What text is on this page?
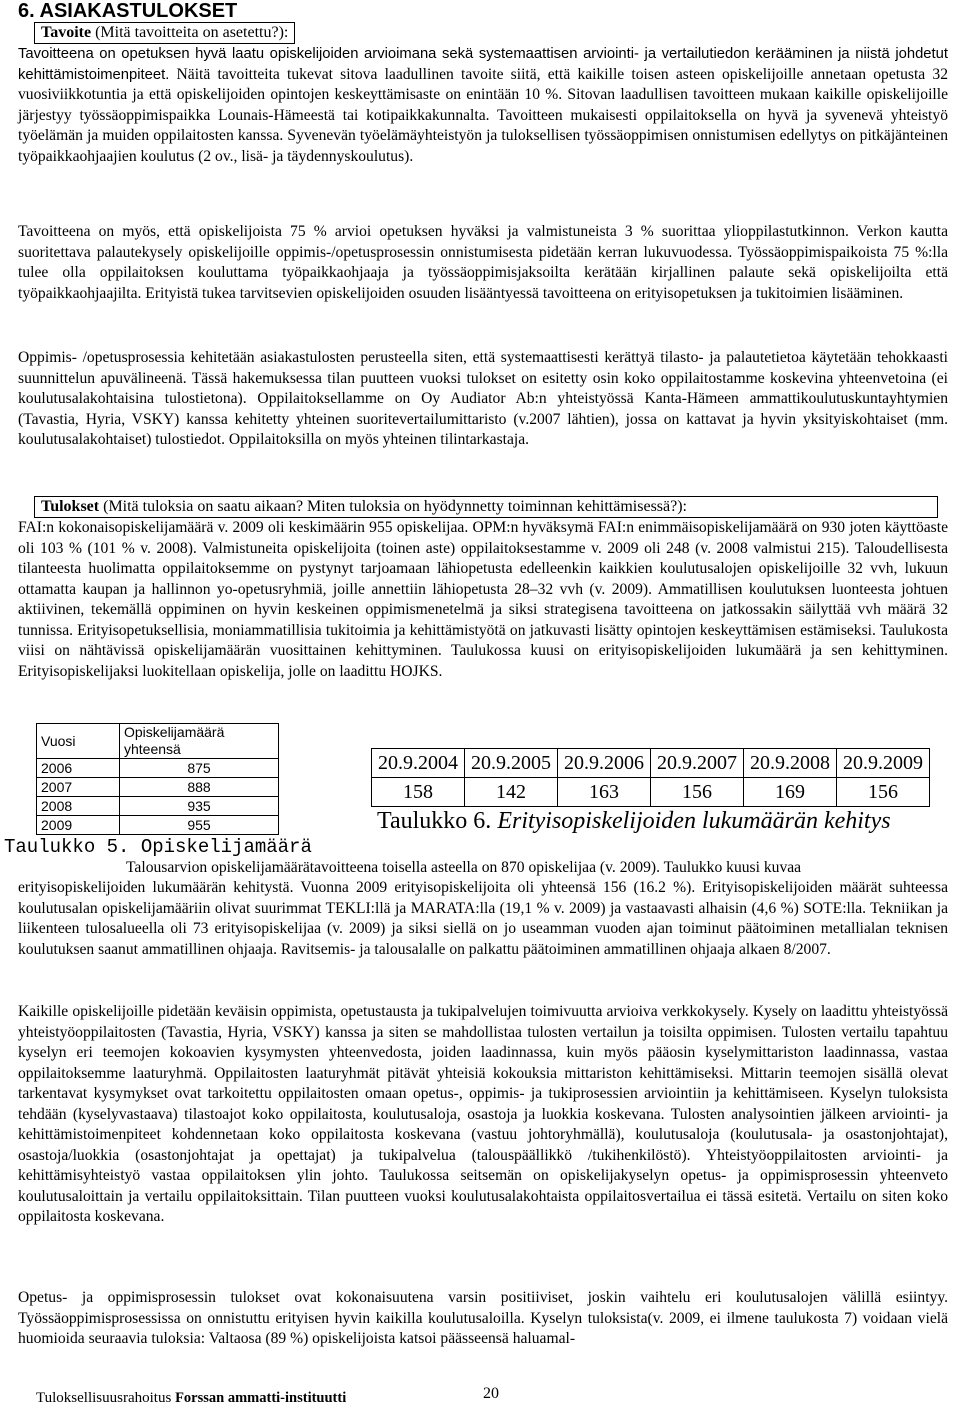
6. ASIAKASTULOKSET
Tavoite (Mitä tavoitteita on asetettu?):

Tavoitteena on opetuksen hyvä laatu opiskelijoiden arvioimana sekä systemaattisen arviointi- ja vertailutiedon kerääminen ja niistä johdetut kehittämistoimenpiteet. Näitä tavoitteita tukevat sitova laadullinen tavoite siitä, että kaikille toisen asteen opiskelijoille annetaan opetusta 32 vuosiviikkotuntia ja että opiskelijoiden opintojen keskeyttämisaste on enintään 10 %. Sitovan laadullisen tavoitteen mukaan kaikille opiskelijoille järjestyy työssäoppimispaikka Lounais-Hämeestä tai kotipaikkakunnalta. Tavoitteen mukaisesti oppilaitoksella on hyvä ja syvenevä yhteistyö työelämän ja muiden oppilaitosten kanssa. Syvenevän työelämäyhteistyön ja tuloksellisen työssäoppimisen onnistumisen edellytys on pitkäjänteinen työpaikkaohjaajien koulutus (2 ov., lisä- ja täydennyskoulutus).

Tavoitteena on myös, että opiskelijoista 75 % arvioi opetuksen hyväksi ja valmistuneista 3 % suorittaa ylioppilastutkinnon. Verkon kautta suoritettava palautekysely opiskelijoille oppimis-/opetusprosessin onnistumisesta pidetään kerran lukuvuodessa. Työssäoppimispaikoista 75 %:lla tulee olla oppilaitoksen kouluttama työpaikkaohjaaja ja työssäoppimisjaksoilta kerätään kirjallinen palaute sekä opiskelijoilta että työpaikkaohjaajilta. Erityistä tukea tarvitsevien opiskelijoiden osuuden lisääntyessä tavoitteena on erityisopetuksen ja tukitoimien lisääminen.

Oppimis- /opetusprosessia kehitetään asiakastulosten perusteella siten, että systemaattisesti kerättyä tilasto- ja palautetietoa käytetään tehokkaasti suunnittelun apuvälineenä. Tässä hakemuksessa tilan puutteen vuoksi tulokset on esitetty osin koko oppilaitostamme koskevina yhteenvetoina (ei koulutusalakohtaisina tulostietona). Oppilaitoksellamme on Oy Audiator Ab:n yhteistyössä Kanta-Hämeen ammattikoulutuskuntayhtymien (Tavastia, Hyria, VSKY) kanssa kehitetty yhteinen suoritevertailumittaristo (v.2007 lähtien), jossa on kattavat ja hyvin yksityiskohtaiset (mm. koulutusalakohtaiset) tulostiedot. Oppilaitoksilla on myös yhteinen tilintarkastaja.

Tulokset (Mitä tuloksia on saatu aikaan? Miten tuloksia on hyödynnetty toiminnan kehittämisessä?):

FAI:n kokonaisopiskelijamäärä v. 2009 oli keskimäärin 955 opiskelijaa. OPM:n hyväksymä FAI:n enimmäisopiskelijamäärä on 930 joten käyttöaste oli 103 % (101 % v. 2008). Valmistuneita opiskelijoita (toinen aste) oppilaitoksestamme v. 2009 oli 248 (v. 2008 valmistui 215). Taloudellisesta tilanteesta huolimatta oppilaitoksemme on pystynyt tarjoamaan lähiopetusta edelleenkin kaikkien koulutusalojen opiskelijoille 32 vvh, lukuun ottamatta kaupan ja hallinnon yo-opetusryhmiä, joille annettiin lähiopetusta 28–32 vvh (v. 2009). Ammatillisen koulutuksen luonteesta johtuen aktiivinen, tekemällä oppiminen on hyvin keskeinen oppimismenetelmä ja siksi strategisena tavoitteena on jatkossakin säilyttää vvh määrä 32 tunnissa. Erityisopetuksellisia, moniammatillisia tukitoimia ja kehittämistyötä on jatkuvasti lisätty opintojen keskeyttämisen estämiseksi. Taulukosta viisi on nähtävissä opiskelijamäärän vuosittainen kehittyminen. Taulukossa kuusi on erityisopiskelijoiden lukumäärä ja sen kehittyminen. Erityisopiskelijaksi luokitellaan opiskelija, jolle on laadittu HOJKS.

Vuosi	Opiskelijamäärä yhteensä
2006	875
2007	888
2008	935
2009	955
20.9.2004	20.9.2005	20.9.2006	20.9.2007	20.9.2008	20.9.2009
158	142	163	156	169	156
Taulukko 6. Erityisopiskelijoiden lukumäärän kehitys
Taulukko 5. Opiskelijamäärä
Talousarvion opiskelijamäärätavoitteena toisella asteella on 870 opiskelijaa (v. 2009). Taulukko kuusi kuvaa

erityisopiskelijoiden lukumäärän kehitystä. Vuonna 2009 erityisopiskelijoita oli yhteensä 156 (16.2 %). Erityisopiskelijoiden määrät suhteessa koulutusalan opiskelijamääriin olivat suurimmat TEKLI:llä ja MARATA:lla (19,1 % v. 2009) ja vastaavasti alhaisin (4,6 %) SOTE:lla. Tekniikan ja liikenteen tulosalueella oli 73 erityisopiskelijaa (v. 2009) ja siksi siellä on jo useamman vuoden ajan toiminut päätoiminen metallialan teknisen koulutuksen saanut ammatillinen ohjaaja. Ravitsemis- ja talousalalle on palkattu päätoiminen ammatillinen ohjaaja alkaen 8/2007.

Kaikille opiskelijoille pidetään keväisin oppimista, opetustausta ja tukipalvelujen toimivuutta arvioiva verkkokysely. Kysely on laadittu yhteistyössä yhteistyöoppilaitosten (Tavastia, Hyria, VSKY) kanssa ja siten se mahdollistaa tulosten vertailun ja toisilta oppimisen. Tulosten vertailu tapahtuu kyselyn eri teemojen kokoavien kysymysten yhteenvedosta, joiden laadinnassa, kuin myös pääosin kyselymittariston laadinnassa, vastaa oppilaitoksemme laaturyhmä. Oppilaitosten laaturyhmät pitävät yhteisiä kokouksia mittariston kehittämiseksi. Mittarin teemojen sisällä olevat tarkentavat kysymykset ovat tarkoitettu oppilaitosten omaan opetus-, oppimis- ja tukiprosessien arviointiin ja kehittämiseen. Kyselyn tuloksista tehdään (kyselyvastaava) tilastoajot koko oppilaitosta, koulutusaloja, osastoja ja luokkia koskevana. Tulosten analysointien jälkeen arviointi- ja kehittämistoimenpiteet kohdennetaan koko oppilaitosta koskevana (vastuu johtoryhmällä), koulutusaloja (koulutusala- ja osastonjohtajat), osastoja/luokkia (osastonjohtajat ja opettajat) ja tukipalvelua (talouspäällikkö /tukihenkilöstö). Yhteistyöoppilaitosten arviointi- ja kehittämisyhteistyö vastaa oppilaitoksen ylin johto. Taulukossa seitsemän on opiskelijakyselyn opetus- ja oppimisprosessin yhteenveto koulutusaloittain ja vertailu oppilaitoksittain. Tilan puutteen vuoksi koulutusalakohtaista oppilaitosvertailua ei tässä esitetä. Vertailu on siten koko oppilaitosta koskevana.

Opetus- ja oppimisprosessin tulokset ovat kokonaisuutena varsin positiiviset, joskin vaihtelu eri koulutusalojen välillä esiintyy. Työssäoppimisprosessissa on onnistuttu erityisen hyvin kaikilla koulutusaloilla. Kyselyn tuloksista(v. 2009, ei ilmene taulukosta 7) voidaan vielä huomioida seuraavia tuloksia: Valtaosa (89 %) opiskelijoista katsoi päässeensä haluamal-

Tuloksellisuusrahoitus Forssan ammatti-instituutti	20
